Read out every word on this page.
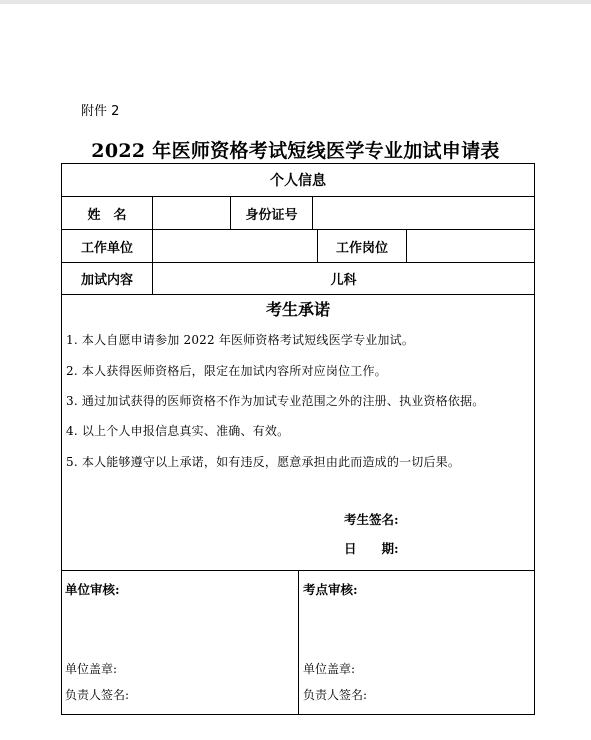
附件 2
2022 年医师资格考试短线医学专业加试申请表
个人信息
姓　名	身份证号
工作单位	工作岗位
加试内容	儿科
考生承诺
1. 本人自愿申请参加 2022 年医师资格考试短线医学专业加试。
2. 本人获得医师资格后，限定在加试内容所对应岗位工作。
3. 通过加试获得的医师资格不作为加试专业范围之外的注册、执业资格依据。
4. 以上个人申报信息真实、准确、有效。
5. 本人能够遵守以上承诺，如有违反，愿意承担由此而造成的一切后果。
考生签名:
日　　期:
单位审核:
单位盖章:
负责人签名:
考点审核:
单位盖章:
负责人签名:
